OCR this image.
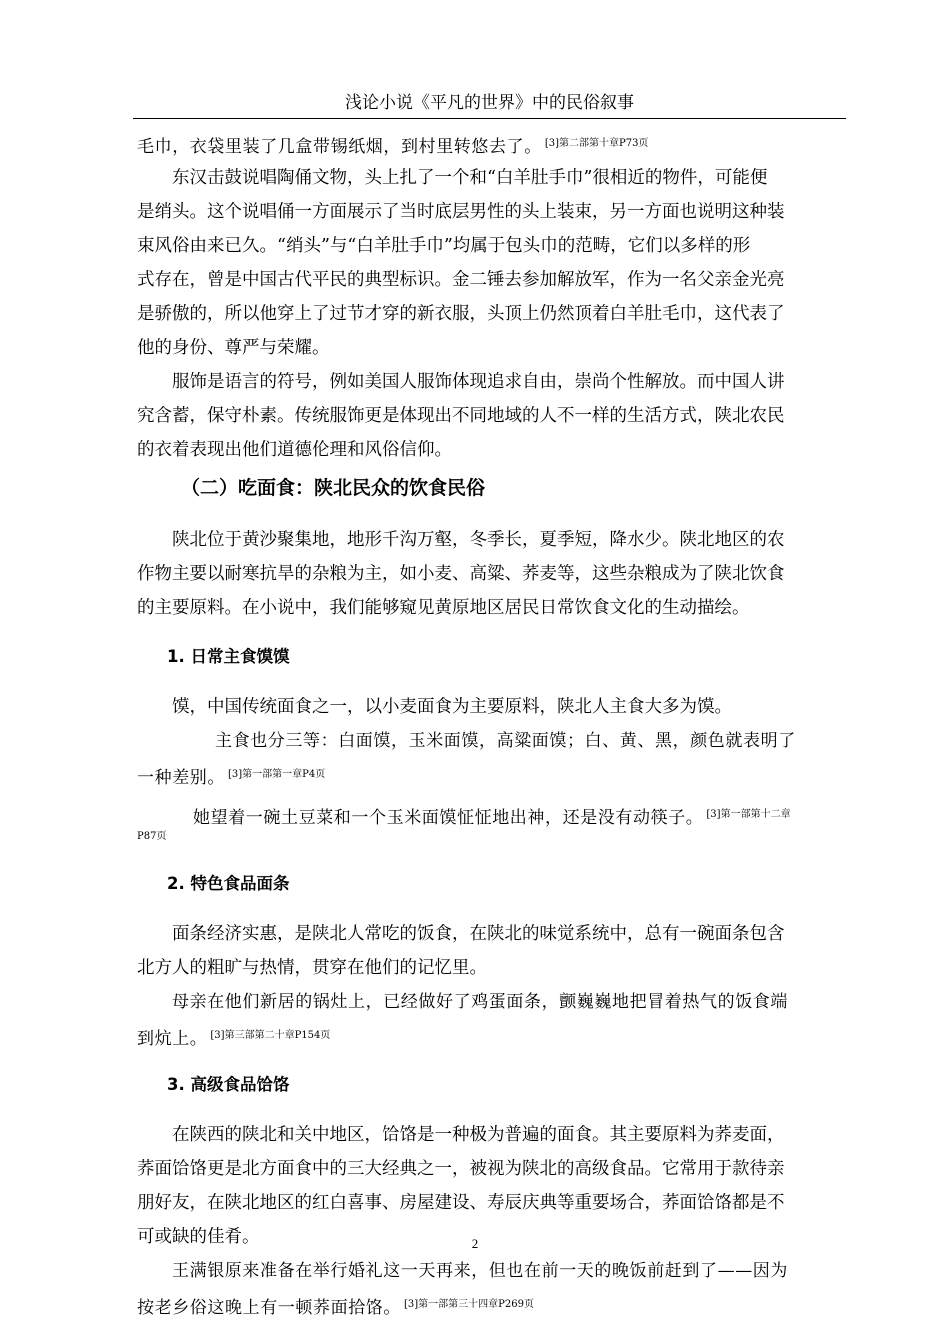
浅论小说《平凡的世界》中的民俗叙事

毛巾，衣袋里装了几盒带锡纸烟，到村里转悠去了。 $^{[3]第二部第十章P73页}$

东汉击鼓说唱陶俑文物，头上扎了一个和“白羊肚手巾”很相近的物件，可能便

是绡头。这个说唱俑一方面展示了当时底层男性的头上装束，另一方面也说明这种装

束风俗由来已久。“绡头”与“白羊肚手巾”均属于包头巾的范畴，它们以多样的形

式存在，曾是中国古代平民的典型标识。金二锤去参加解放军，作为一名父亲金光亮

是骄傲的，所以他穿上了过节才穿的新衣服，头顶上仍然顶着白羊肚毛巾，这代表了

他的身份、尊严与荣耀。

服饰是语言的符号，例如美国人服饰体现追求自由，崇尚个性解放。而中国人讲

究含蓄，保守朴素。传统服饰更是体现出不同地域的人不一样的生活方式，陕北农民

的衣着表现出他们道德伦理和风俗信仰。

（二）吃面食：陕北民众的饮食民俗

陕北位于黄沙聚集地，地形千沟万壑，冬季长，夏季短，降水少。陕北地区的农

作物主要以耐寒抗旱的杂粮为主，如小麦、高粱、荞麦等，这些杂粮成为了陕北饮食

的主要原料。在小说中，我们能够窥见黄原地区居民日常饮食文化的生动描绘。

1. 日常主食馍馍

馍，中国传统面食之一，以小麦面食为主要原料，陕北人主食大多为馍。

主食也分三等：白面馍，玉米面馍，高粱面馍；白、黄、黑，颜色就表明了

一种差别。 $^{[3]第一部第一章P4页}$

她望着一碗土豆菜和一个玉米面馍怔怔地出神，还是没有动筷子。 $^{[3]第一部第十二章}$

P87页

2. 特色食品面条

面条经济实惠，是陕北人常吃的饭食，在陕北的味觉系统中，总有一碗面条包含

北方人的粗旷与热情，贯穿在他们的记忆里。

母亲在他们新居的锅灶上，已经做好了鸡蛋面条，颤巍巍地把冒着热气的饭食端

到炕上。 $^{[3]第三部第二十章P154页}$

3. 高级食品饸饹

在陕西的陕北和关中地区，饸饹是一种极为普遍的面食。其主要原料为荞麦面，

荞面饸饹更是北方面食中的三大经典之一，被视为陕北的高级食品。它常用于款待亲

朋好友，在陕北地区的红白喜事、房屋建设、寿辰庆典等重要场合，荞面饸饹都是不

可或缺的佳肴。

王满银原来准备在举行婚礼这一天再来，但也在前一天的晚饭前赶到了——因为

按老乡俗这晚上有一顿荞面拾饹。 $^{[3]第一部第三十四章P269页}$

2
